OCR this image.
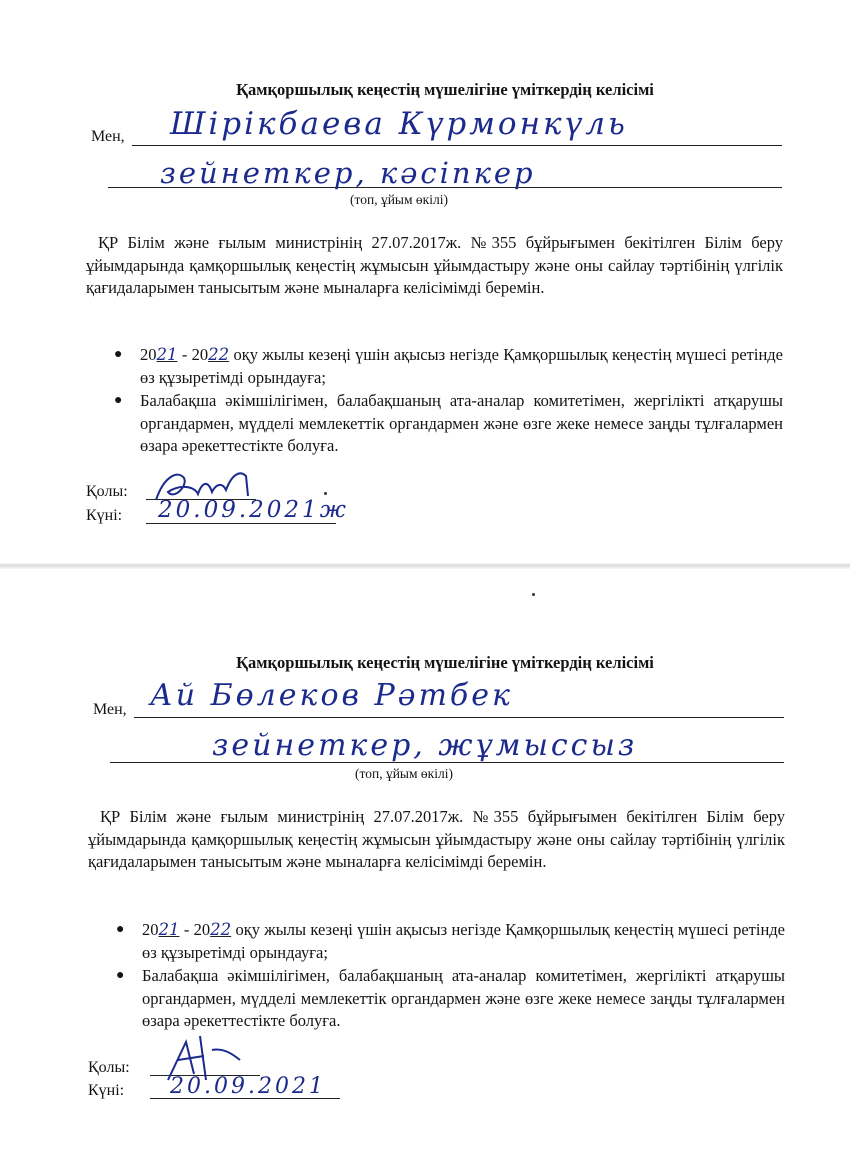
Қамқоршылық кеңестің мүшелігіне үміткердің келісімі
Мен, Шірікбаева Күрмонкүль
зейнеткер, кәсіпкер
(топ, ұйым өкілі)
ҚР Білім және ғылым министрінің 27.07.2017ж. №355 бұйрығымен бекітілген Білім беру ұйымдарында қамқоршылық кеңестің жұмысын ұйымдастыру және оны сайлау тәртібінің үлгілік қағидаларымен танысытым және мыналарға келісімімді беремін.
● 2021 - 2022 оқу жылы кезеңі үшін ақысыз негізде Қамқоршылық кеңестің мүшесі ретінде өз құзыретімді орындауға;
● Балабақша әкімшілігімен, балабақшаның ата-аналар комитетімен, жергілікті атқарушы органдармен, мүдделі мемлекеттік органдармен және өзге жеке немесе заңды тұлғалармен өзара әрекеттестікте болуға.
Қолы:
Күні: 20.09.2021ж
Қамқоршылық кеңестің мүшелігіне үміткердің келісімі
Мен, Ай Бөлеков Рәтбек
зейнеткер, жұмыссыз
(топ, ұйым өкілі)
ҚР Білім және ғылым министрінің 27.07.2017ж. №355 бұйрығымен бекітілген Білім беру ұйымдарында қамқоршылық кеңестің жұмысын ұйымдастыру және оны сайлау тәртібінің үлгілік қағидаларымен танысытым және мыналарға келісімімді беремін.
● 2021 - 2022 оқу жылы кезеңі үшін ақысыз негізде Қамқоршылық кеңестің мүшесі ретінде өз құзыретімді орындауға;
● Балабақша әкімшілігімен, балабақшаның ата-аналар комитетімен, жергілікті атқарушы органдармен, мүдделі мемлекеттік органдармен және өзге жеке немесе заңды тұлғалармен өзара әрекеттестікте болуға.
Қолы:
Күні: 20.09.2021
